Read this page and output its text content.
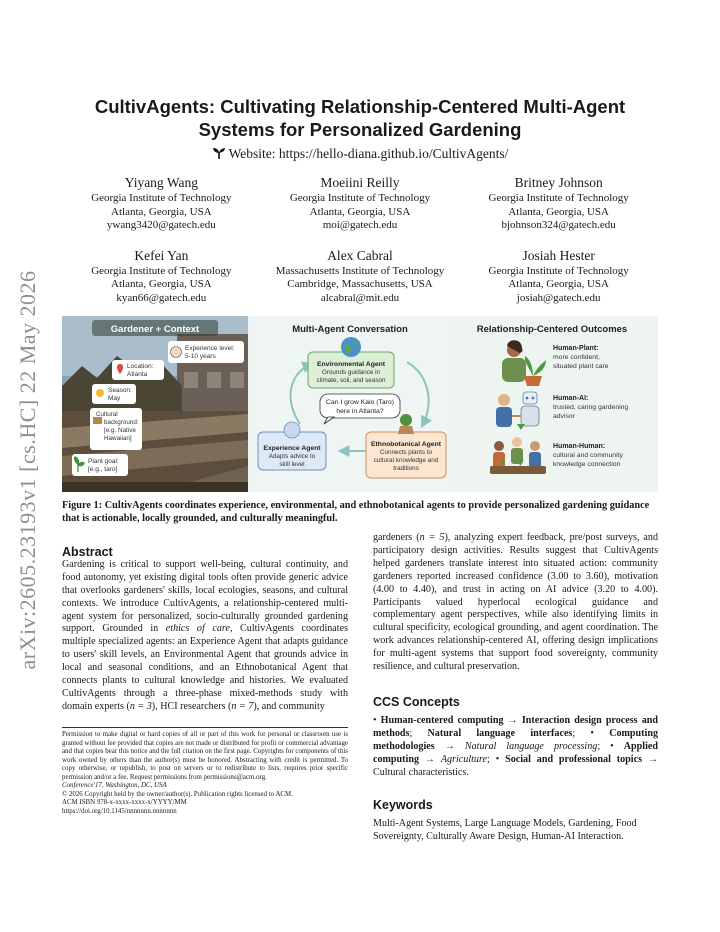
arXiv:2605.23193v1 [cs.HC] 22 May 2026
CultivAgents: Cultivating Relationship-Centered Multi-Agent
Systems for Personalized Gardening
Website: https://hello-diana.github.io/CultivAgents/
Yiyang Wang
Georgia Institute of Technology
Atlanta, Georgia, USA
ywang3420@gatech.edu
Moeiini Reilly
Georgia Institute of Technology
Atlanta, Georgia, USA
moi@gatech.edu
Britney Johnson
Georgia Institute of Technology
Atlanta, Georgia, USA
bjohnson324@gatech.edu
Kefei Yan
Georgia Institute of Technology
Atlanta, Georgia, USA
kyan66@gatech.edu
Alex Cabral
Massachusetts Institute of Technology
Cambridge, Massachusetts, USA
alcabral@mit.edu
Josiah Hester
Georgia Institute of Technology
Atlanta, Georgia, USA
josiah@gatech.edu
Gardener + Context
Experience level:
5-10 years
Location:
Atlanta
Season:
May
Cultural
background:
[e.g. Native
Hawaiian]
Plant goal:
[e.g., taro]
Multi-Agent Conversation
Environmental Agent
Grounds guidance in
climate, soil, and season
Can I grow Kalo (Taro)
here in Atlanta?
Experience Agent
Adapts advice to
skill level
Ethnobotanical Agent
Connects plants to
cultural knowledge and
traditions
Relationship-Centered Outcomes
Human-Plant:
more confident,
situated plant care
Human-AI:
trusted, caring gardening
advisor
Human-Human:
cultural and community
knowledge connection
Figure 1: CultivAgents coordinates experience, environmental, and ethnobotanical agents to provide personalized gardening guidance that is actionable, locally grounded, and culturally meaningful.
Abstract

Gardening is critical to support well-being, cultural continuity, and food autonomy, yet existing digital tools often provide generic advice that overlooks gardeners' skills, local ecologies, seasons, and cultural contexts. We introduce CultivAgents, a relationship-centered multi-agent system for personalized, socio-culturally grounded gardening support. Grounded in ethics of care, CultivAgents coordinates multiple specialized agents: an Experience Agent that adapts guidance to users' skill levels, an Environmental Agent that grounds advice in local and seasonal conditions, and an Ethnobotanical Agent that connects plants to cultural knowledge and histories. We evaluated CultivAgents through a three-phase mixed-methods study with domain experts (n = 3), HCI researchers (n = 7), and community

Permission to make digital or hard copies of all or part of this work for personal or classroom use is granted without fee provided that copies are not made or distributed for profit or commercial advantage and that copies bear this notice and the full citation on the first page. Copyrights for components of this work owned by others than the author(s) must be honored. Abstracting with credit is permitted. To copy otherwise, or republish, to post on servers or to redistribute to lists, requires prior specific permission and/or a fee. Request permissions from permissions@acm.org.

Conference'17, Washington, DC, USA

© 2026 Copyright held by the owner/author(s). Publication rights licensed to ACM.

ACM ISBN 978-x-xxxx-xxxx-x/YYYY/MM

https://doi.org/10.1145/nnnnnnn.nnnnnnn

gardeners (n = 5), analyzing expert feedback, pre/post surveys, and participatory design activities. Results suggest that CultivAgents helped gardeners translate interest into situated action: community gardeners reported increased confidence (3.00 to 3.60), motivation (4.00 to 4.40), and trust in acting on AI advice (3.20 to 4.00). Participants valued hyperlocal ecological guidance and complementary agent perspectives, while also identifying limits in cultural specificity, ecological grounding, and agent coordination. The work advances relationship-centered AI, offering design implications for multi-agent systems that support food sovereignty, community resilience, and cultural preservation.

CCS Concepts

• Human-centered computing → Interaction design process and methods; Natural language interfaces; • Computing methodologies → Natural language processing; • Applied computing → Agriculture; • Social and professional topics → Cultural characteristics.

Keywords

Multi-Agent Systems, Large Language Models, Gardening, Food Sovereignty, Culturally Aware Design, Human-AI Interaction.
